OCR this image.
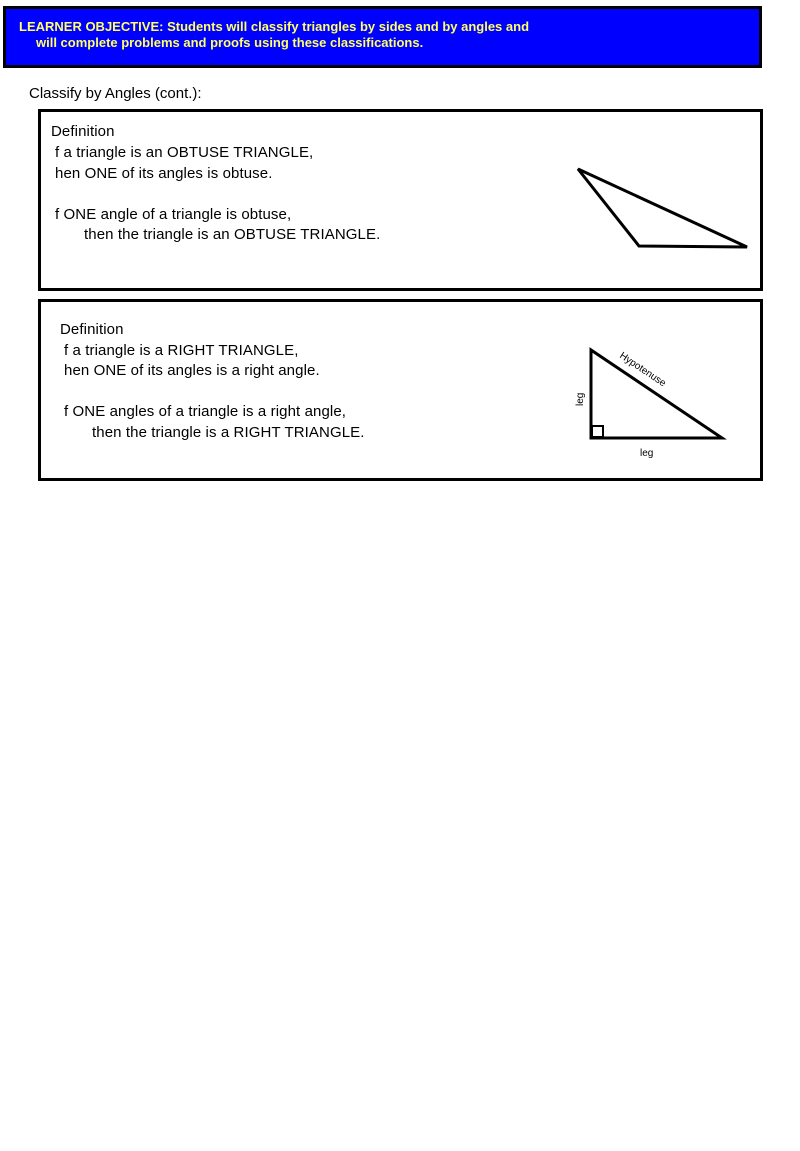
LEARNER OBJECTIVE: Students will classify triangles by sides and by angles and
will complete problems and proofs using these classifications.
Classify by Angles (cont.):
Definition
f a triangle is an OBTUSE TRIANGLE,
hen ONE of its angles is obtuse.
f ONE angle of a triangle is obtuse,
then the triangle is an OBTUSE TRIANGLE.
Definition
f a triangle is a RIGHT TRIANGLE,
hen ONE of its angles is a right angle.
f ONE angles of a triangle is a right angle,
then the triangle is a RIGHT TRIANGLE.
leg
Hypotenuse
leg
